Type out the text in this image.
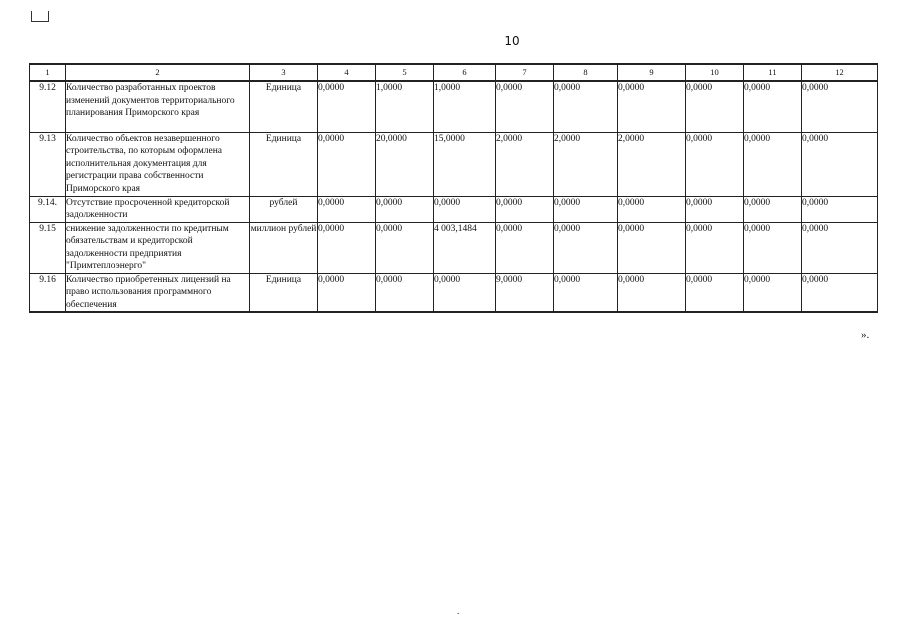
10
1	2	3	4	5	6	7	8	9	10	11	12
9.12	Количество разработанных проектов изменений документов территориального планирования Приморского края	Единица	0,0000	1,0000	1,0000	0,0000	0,0000	0,0000	0,0000	0,0000	0,0000
9.13	Количество объектов незавершенного строительства, по которым оформлена исполнительная документация для регистрации права собственности Приморского края	Единица	0,0000	20,0000	15,0000	2,0000	2,0000	2,0000	0,0000	0,0000	0,0000
9.14.	Отсутствие просроченной кредиторской задолженности	рублей	0,0000	0,0000	0,0000	0,0000	0,0000	0,0000	0,0000	0,0000	0,0000
9.15	снижение задолженности по кредитным обязательствам и кредиторской задолженности предприятия "Примтеплоэнерго"	миллион рублей	0,0000	0,0000	4 003,1484	0,0000	0,0000	0,0000	0,0000	0,0000	0,0000
9.16	Количество приобретенных лицензий на право использования программного обеспечения	Единица	0,0000	0,0000	0,0000	9,0000	0,0000	0,0000	0,0000	0,0000	0,0000
».
.
